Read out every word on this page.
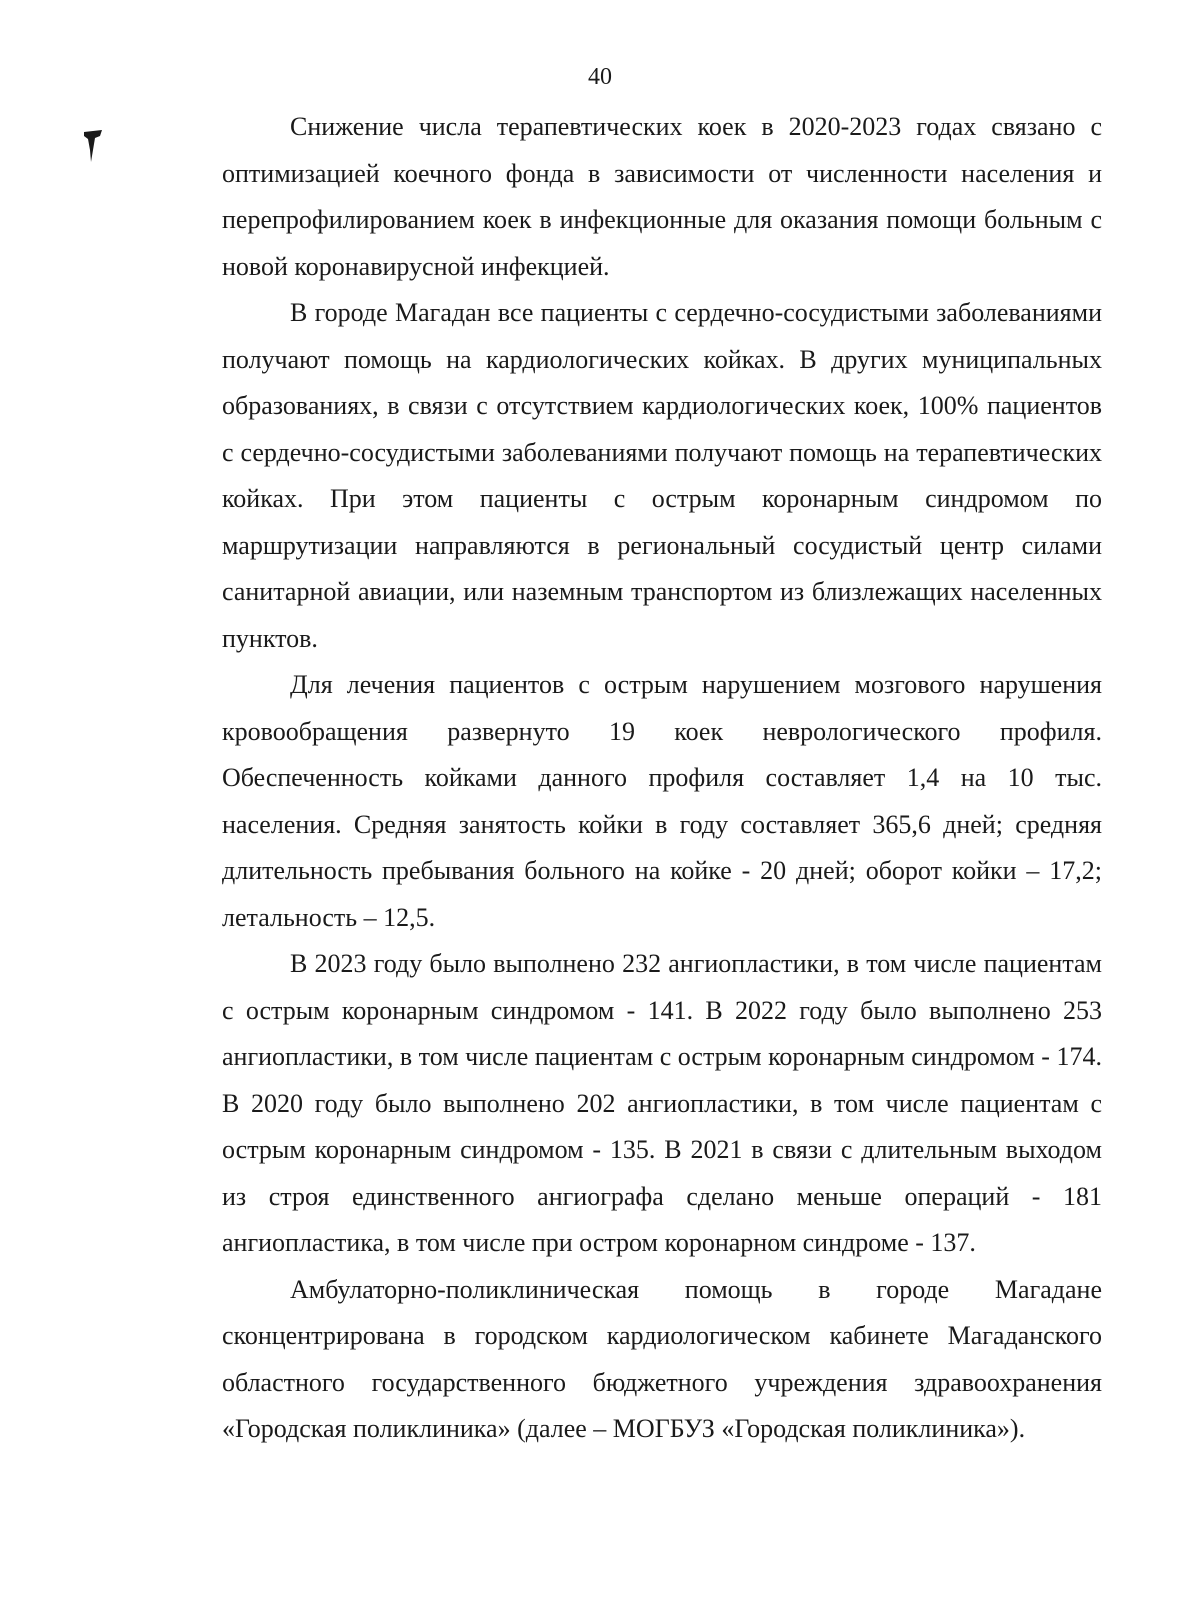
40

Снижение числа терапевтических коек в 2020-2023 годах связано с оптимизацией коечного фонда в зависимости от численности населения и перепрофилированием коек в инфекционные для оказания помощи больным с новой коронавирусной инфекцией.

В городе Магадан все пациенты с сердечно-сосудистыми заболеваниями получают помощь на кардиологических койках. В других муниципальных образованиях, в связи с отсутствием кардиологических коек, 100% пациентов с сердечно-сосудистыми заболеваниями получают помощь на терапевтических койках. При этом пациенты с острым коронарным синдромом по маршрутизации направляются в региональный сосудистый центр силами санитарной авиации, или наземным транспортом из близлежащих населенных пунктов.

Для лечения пациентов с острым нарушением мозгового нарушения кровообращения развернуто 19 коек неврологического профиля. Обеспеченность койками данного профиля составляет 1,4 на 10 тыс. населения. Средняя занятость койки в году составляет 365,6 дней; средняя длительность пребывания больного на койке - 20 дней; оборот койки – 17,2; летальность – 12,5.

В 2023 году было выполнено 232 ангиопластики, в том числе пациентам с острым коронарным синдромом - 141. В 2022 году было выполнено 253 ангиопластики, в том числе пациентам с острым коронарным синдромом - 174. В 2020 году было выполнено 202 ангиопластики, в том числе пациентам с острым коронарным синдромом - 135. В 2021 в связи с длительным выходом из строя единственного ангиографа сделано меньше операций - 181 ангиопластика, в том числе при остром коронарном синдроме - 137.

Амбулаторно-поликлиническая помощь в городе Магадане сконцентрирована в городском кардиологическом кабинете Магаданского областного государственного бюджетного учреждения здравоохранения «Городская поликлиника» (далее – МОГБУЗ «Городская поликлиника»).
